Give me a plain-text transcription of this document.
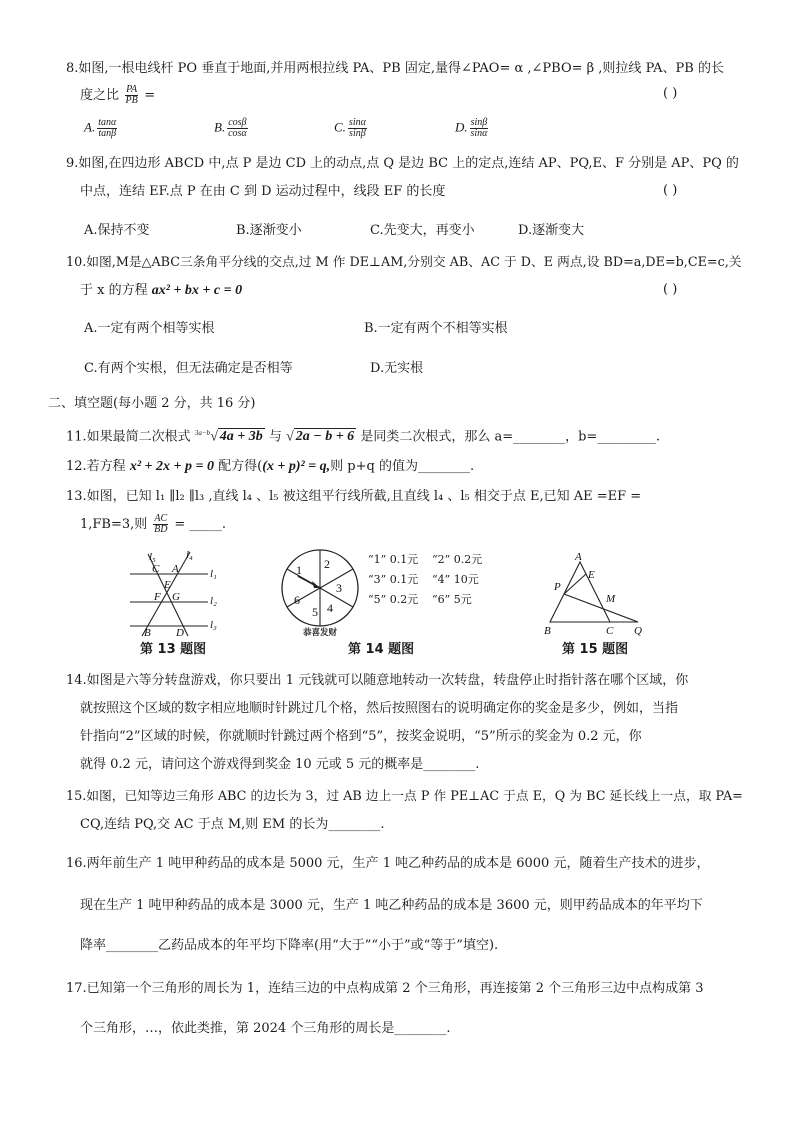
8.如图,一根电线杆 PO 垂直于地面,并用两根拉线 PA、PB 固定,量得∠PAO= α ,∠PBO= β ,则拉线 PA、PB 的长
度之比 $\frac{PA}{PB}$ =	( )
A. $\frac{\tan\alpha}{\tan\beta}$	B. $\frac{\cos\beta}{\cos\alpha}$	C. $\frac{\sin\alpha}{\sin\beta}$	D. $\frac{\sin\beta}{\sin\alpha}$
9.如图,在四边形 ABCD 中,点 P 是边 CD 上的动点,点 Q 是边 BC 上的定点,连结 AP、PQ,E、F 分别是 AP、PQ 的
中点，连结 EF.点 P 在由 C 到 D 运动过程中，线段 EF 的长度	( )
A.保持不变	B.逐渐变小	C.先变大，再变小	D.逐渐变大
10.如图,M是△ABC三条角平分线的交点,过 M 作 DE⊥AM,分别交 AB、AC 于 D、E 两点,设 BD=a,DE=b,CE=c,关
于 x 的方程 ax² + bx + c = 0	( )
A.一定有两个相等实根	B.一定有两个不相等实根
C.有两个实根，但无法确定是否相等	D.无实根
二、填空题(每小题 2 分，共 16 分)
11.如果最简二次根式 $^{3a-b}$√ 4a + 3b 与 √ 2a − b + 6 是同类二次根式，那么 a=________，b=_________.
12.若方程 x² + 2x + p = 0 配方得((x + p)² = q,则 p+q 的值为________.
13.如图，已知 l₁ ∥l₂ ∥l₃ ,直线 l₄ 、l₅ 被这组平行线所截,且直线 l₄ 、l₅ 相交于点 E,已知 AE =EF =
1,FB=3,则 $\frac{AC}{BD}$ = _____.
l₅	l₄
C A	l₁
E
l₂
F G
l₃
B D
第 13 题图
1 2
3
4
5
6
恭喜发财
“1” 0.1元 “2” 0.2元
“3” 0.1元 “4” 10元
“5” 0.2元 “6” 5元
第 14 题图
A
E
P
M
B	C Q
第 15 题图
14.如图是六等分转盘游戏，你只要出 1 元钱就可以随意地转动一次转盘，转盘停止时指针落在哪个区域，你
就按照这个区域的数字相应地顺时针跳过几个格，然后按照图右的说明确定你的奖金是多少，例如，当指
针指向“2”区域的时候，你就顺时针跳过两个格到“5”，按奖金说明，“5”所示的奖金为 0.2 元，你
就得 0.2 元，请问这个游戏得到奖金 10 元或 5 元的概率是________.
15.如图，已知等边三角形 ABC 的边长为 3，过 AB 边上一点 P 作 PE⊥AC 于点 E，Q 为 BC 延长线上一点，取 PA=
CQ,连结 PQ,交 AC 于点 M,则 EM 的长为________.
16.两年前生产 1 吨甲种药品的成本是 5000 元，生产 1 吨乙种药品的成本是 6000 元，随着生产技术的进步，
现在生产 1 吨甲种药品的成本是 3000 元，生产 1 吨乙种药品的成本是 3600 元，则甲药品成本的年平均下
降率________乙药品成本的年平均下降率(用“大于”“小于”或“等于”填空).
17.已知第一个三角形的周长为 1，连结三边的中点构成第 2 个三角形，再连接第 2 个三角形三边中点构成第 3
个三角形，…，依此类推，第 2024 个三角形的周长是________.
